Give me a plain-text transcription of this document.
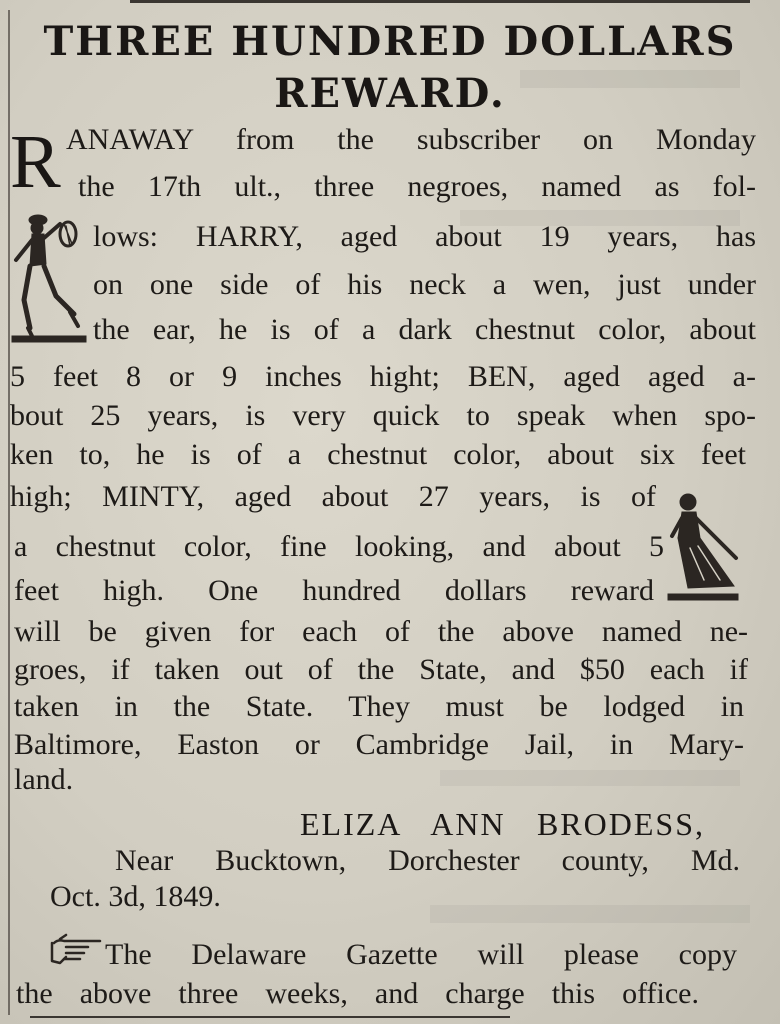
THREE HUNDRED DOLLARS
REWARD.
R ANAWAY from the subscriber on Monday
the 17th ult., three negroes, named as fol-
lows: HARRY, aged about 19 years, has
on one side of his neck a wen, just under
the ear, he is of a dark chestnut color, about
5 feet 8 or 9 inches hight; BEN, aged aged a-
bout 25 years, is very quick to speak when spo-
ken to, he is of a chestnut color, about six feet
high; MINTY, aged about 27 years, is of
a chestnut color, fine looking, and about 5
feet high. One hundred dollars reward
will be given for each of the above named ne-
groes, if taken out of the State, and $50 each if
taken in the State. They must be lodged in
Baltimore, Easton or Cambridge Jail, in Mary-
land.
ELIZA ANN BRODESS,
Near Bucktown, Dorchester county, Md.
Oct. 3d, 1849.
The Delaware Gazette will please copy
the above three weeks, and charge this office.
